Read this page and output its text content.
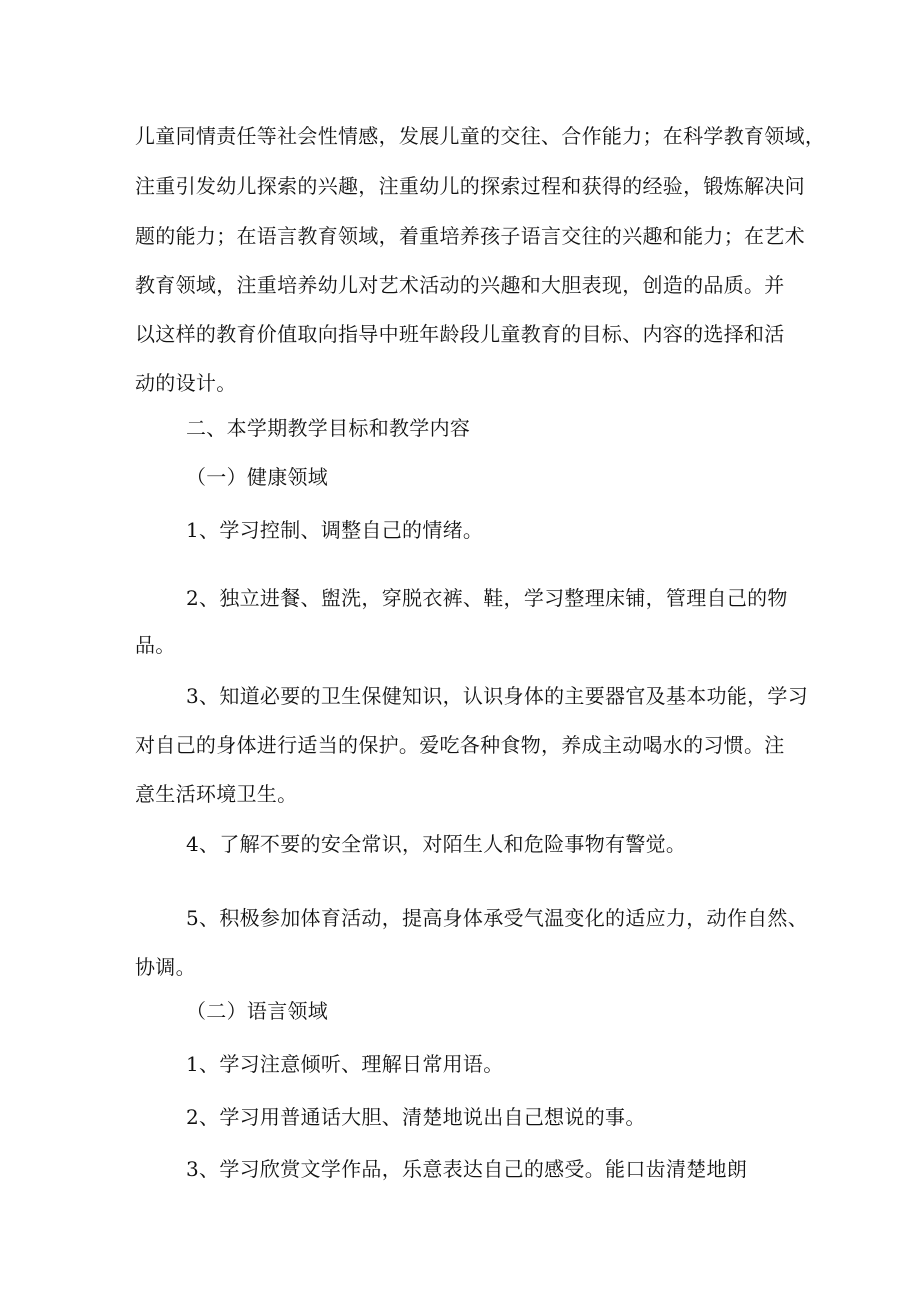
儿童同情责任等社会性情感，发展儿童的交往、合作能力；在科学教育领域，
注重引发幼儿探索的兴趣，注重幼儿的探索过程和获得的经验，锻炼解决问
题的能力；在语言教育领域，着重培养孩子语言交往的兴趣和能力；在艺术
教育领域，注重培养幼儿对艺术活动的兴趣和大胆表现，创造的品质。并
以这样的教育价值取向指导中班年龄段儿童教育的目标、内容的选择和活
动的设计。
二、本学期教学目标和教学内容
（一）健康领域
1、学习控制、调整自己的情绪。
2、独立进餐、盥洗，穿脱衣裤、鞋，学习整理床铺，管理自己的物
品。
3、知道必要的卫生保健知识，认识身体的主要器官及基本功能，学习
对自己的身体进行适当的保护。爱吃各种食物，养成主动喝水的习惯。注
意生活环境卫生。
4、了解不要的安全常识，对陌生人和危险事物有警觉。
5、积极参加体育活动，提高身体承受气温变化的适应力，动作自然、
协调。
（二）语言领域
1、学习注意倾听、理解日常用语。
2、学习用普通话大胆、清楚地说出自己想说的事。
3、学习欣赏文学作品，乐意表达自己的感受。能口齿清楚地朗
